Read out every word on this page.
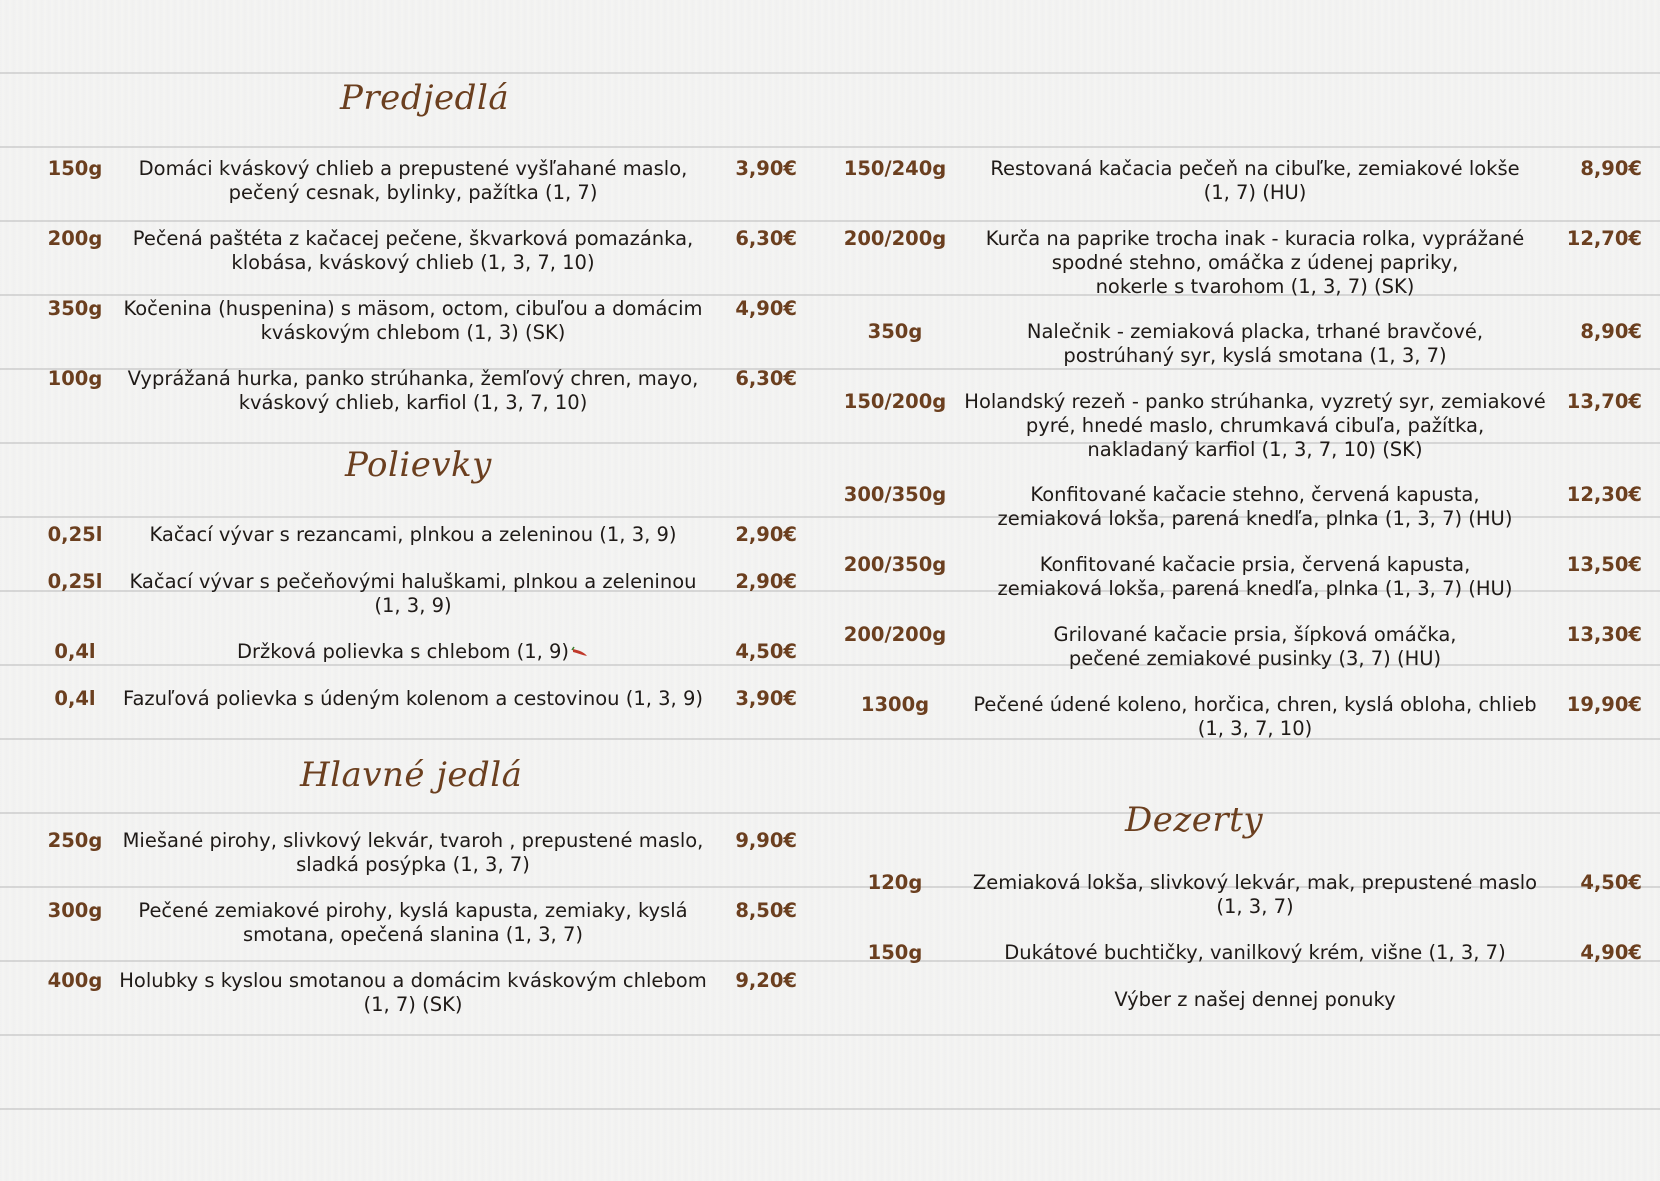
Predjedlá
150g	Domáci kváskový chlieb a prepustené vyšľahané maslo,
pečený cesnak, bylinky, pažítka (1, 7)
3,90€
200g	Pečená paštéta z kačacej pečene, škvarková pomazánka,
klobása, kváskový chlieb (1, 3, 7, 10)
6,30€
350g	Kočenina (huspenina) s mäsom, octom, cibuľou a domácim
kváskovým chlebom (1, 3) (SK)
4,90€
100g	Vyprážaná hurka, panko strúhanka, žemľový chren, mayo,
kváskový chlieb, karfiol (1, 3, 7, 10)
6,30€
Polievky
0,25l	Kačací vývar s rezancami, plnkou a zeleninou (1, 3, 9)	2,90€
0,25l	Kačací vývar s pečeňovými haluškami, plnkou a zeleninou
(1, 3, 9)
2,90€
0,4l	Držková polievka s chlebom (1, 9)	4,50€
0,4l	Fazuľová polievka s údeným kolenom a cestovinou (1, 3, 9)	3,90€
Hlavné jedlá
250g	Miešané pirohy, slivkový lekvár, tvaroh , prepustené maslo,
sladká posýpka (1, 3, 7)
9,90€
300g	Pečené zemiakové pirohy, kyslá kapusta, zemiaky, kyslá
smotana, opečená slanina (1, 3, 7)
8,50€
400g Holubky s kyslou smotanou a domácim kváskovým chlebom
(1, 7) (SK)
9,20€
150/240g	Restovaná kačacia pečeň na cibuľke, zemiakové lokše
(1, 7) (HU)
8,90€
200/200g	Kurča na paprike trocha inak - kuracia rolka, vyprážané
spodné stehno, omáčka z údenej papriky,
nokerle s tvarohom (1, 3, 7) (SK)
12,70€
350g	Nalečnik - zemiaková placka, trhané bravčové,
postrúhaný syr, kyslá smotana (1, 3, 7)
8,90€
150/200g Holandský rezeň - panko strúhanka, vyzretý syr, zemiakové
pyré, hnedé maslo, chrumkavá cibuľa, pažítka,
nakladaný karfiol (1, 3, 7, 10) (SK)
13,70€
300/350g	Konfitované kačacie stehno, červená kapusta,
zemiaková lokša, parená knedľa, plnka (1, 3, 7) (HU)
12,30€
200/350g	Konfitované kačacie prsia, červená kapusta,
zemiaková lokša, parená knedľa, plnka (1, 3, 7) (HU)
13,50€
200/200g	Grilované kačacie prsia, šípková omáčka,
pečené zemiakové pusinky (3, 7) (HU)
13,30€
1300g	Pečené údené koleno, horčica, chren, kyslá obloha, chlieb
(1, 3, 7, 10)
19,90€
Dezerty
120g	Zemiaková lokša, slivkový lekvár, mak, prepustené maslo
(1, 3, 7)
4,50€
150g	Dukátové buchtičky, vanilkový krém, višne (1, 3, 7)	4,90€
Výber z našej dennej ponuky
